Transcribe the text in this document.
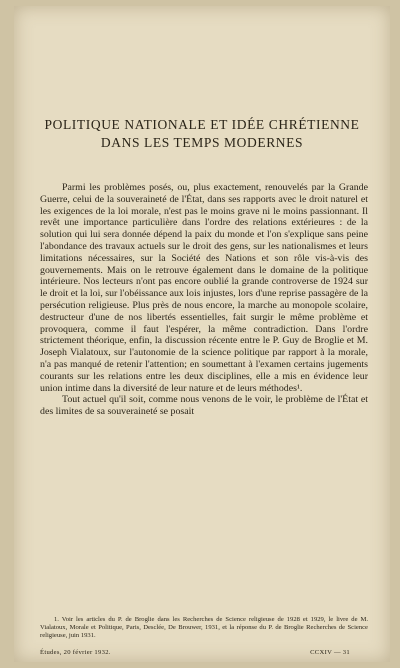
POLITIQUE NATIONALE ET IDÉE CHRÉTIENNE
DANS LES TEMPS MODERNES

Parmi les problèmes posés, ou, plus exactement, renouvelés par la Grande Guerre, celui de la souveraineté de l'État, dans ses rapports avec le droit naturel et les exigences de la loi morale, n'est pas le moins grave ni le moins passionnant. Il revêt une importance particulière dans l'ordre des relations extérieures : de la solution qui lui sera donnée dépend la paix du monde et l'on s'explique sans peine l'abondance des travaux actuels sur le droit des gens, sur les nationalismes et leurs limitations nécessaires, sur la Société des Nations et son rôle vis-à-vis des gouvernements. Mais on le retrouve également dans le domaine de la politique intérieure. Nos lecteurs n'ont pas encore oublié la grande controverse de 1924 sur le droit et la loi, sur l'obéissance aux lois injustes, lors d'une reprise passagère de la persécution religieuse. Plus près de nous encore, la marche au monopole scolaire, destructeur d'une de nos libertés essentielles, fait surgir le même problème et provoquera, comme il faut l'espérer, la même contradiction. Dans l'ordre strictement théorique, enfin, la discussion récente entre le P. Guy de Broglie et M. Joseph Vialatoux, sur l'autonomie de la science politique par rapport à la morale, n'a pas manqué de retenir l'attention; en soumettant à l'examen certains jugements courants sur les relations entre les deux disciplines, elle a mis en évidence leur union intime dans la diversité de leur nature et de leurs méthodes¹.

Tout actuel qu'il soit, comme nous venons de le voir, le problème de l'État et des limites de sa souveraineté se posait

1. Voir les articles du P. de Broglie dans les Recherches de Science religieuse de 1928 et 1929, le livre de M. Vialatoux, Morale et Politique, Paris, Desclée, De Brouwer, 1931, et la réponse du P. de Broglie Recherches de Science religieuse, juin 1931.
Études, 20 février 1932.	CCXIV — 31
